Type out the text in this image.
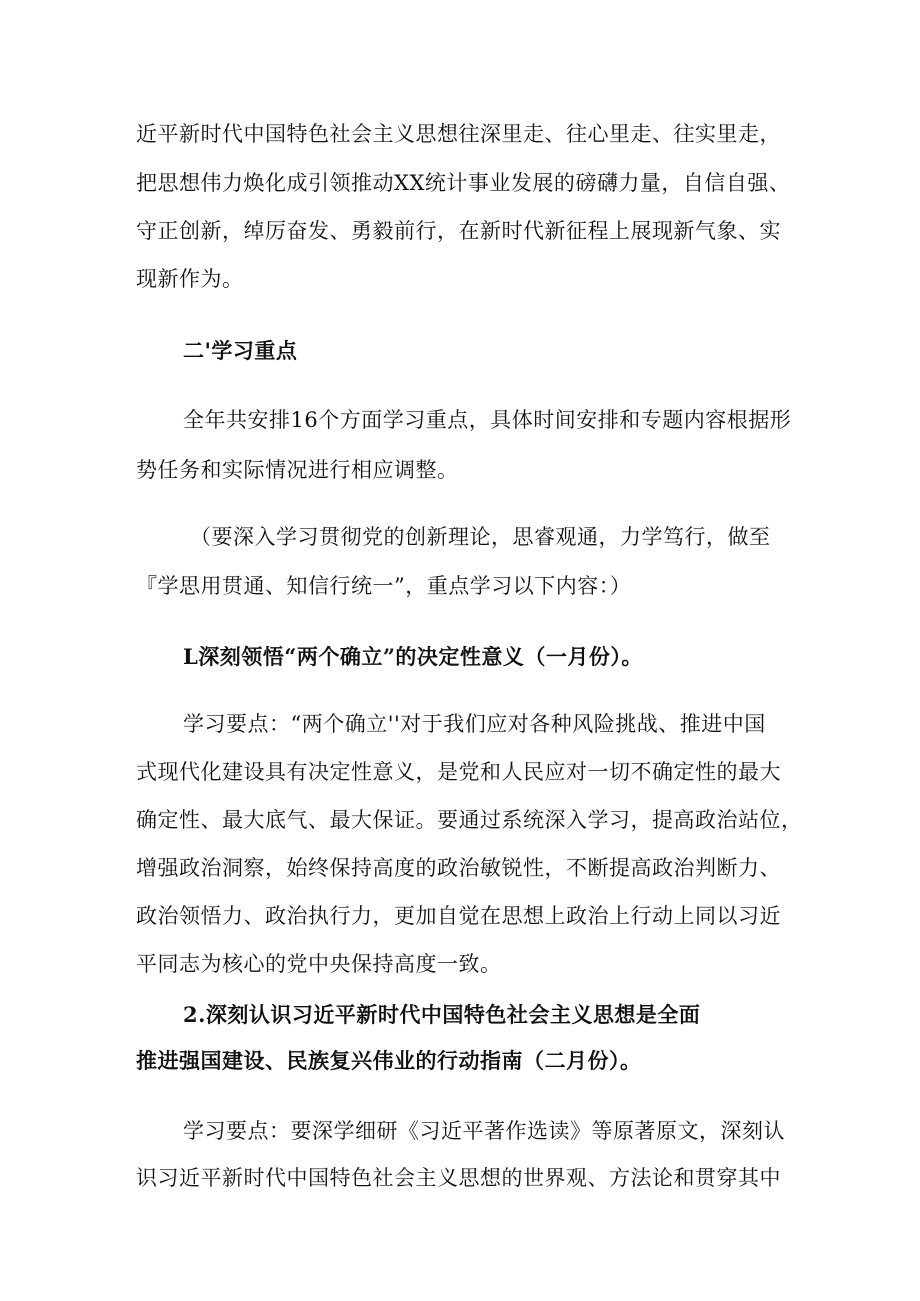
近平新时代中国特色社会主义思想往深里走、往心里走、往实里走，
把思想伟力焕化成引领推动XX统计事业发展的磅礴力量，自信自强、
守正创新，绰厉奋发、勇毅前行，在新时代新征程上展现新气象、实
现新作为。
二'学习重点
全年共安排16个方面学习重点，具体时间安排和专题内容根据形
势任务和实际情况进行相应调整。
（要深入学习贯彻党的创新理论，思睿观通，力学笃行，做至
『学思用贯通、知信行统一”，重点学习以下内容：）
L深刻领悟“两个确立”的决定性意义（一月份）。
学习要点：“两个确立''对于我们应对各种风险挑战、推进中国
式现代化建设具有决定性意义，是党和人民应对一切不确定性的最大
确定性、最大底气、最大保证。要通过系统深入学习，提高政治站位，
增强政治洞察，始终保持高度的政治敏锐性，不断提高政治判断力、
政治领悟力、政治执行力，更加自觉在思想上政治上行动上同以习近
平同志为核心的党中央保持高度一致。
2.深刻认识习近平新时代中国特色社会主义思想是全面
推进强国建设、民族复兴伟业的行动指南（二月份）。
学习要点：要深学细研《习近平著作选读》等原著原文，深刻认
识习近平新时代中国特色社会主义思想的世界观、方法论和贯穿其中
